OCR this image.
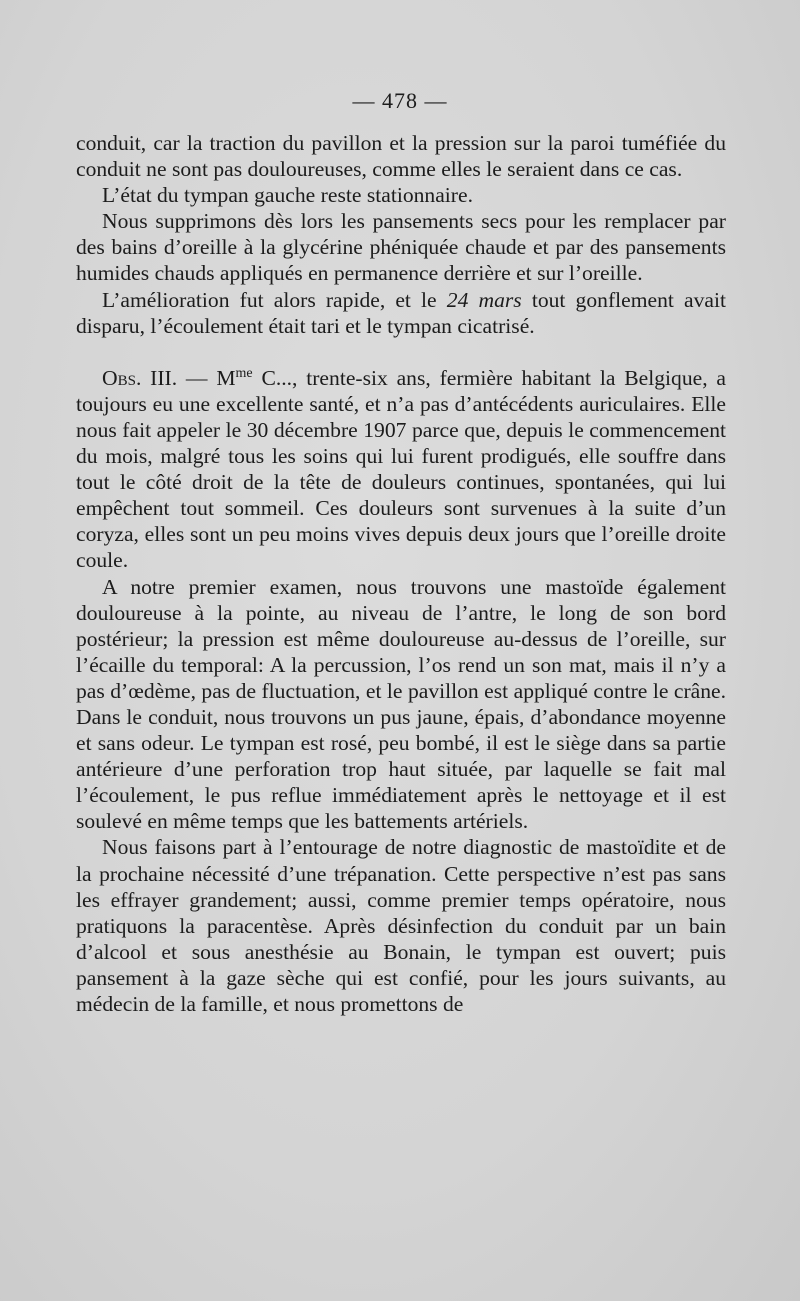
— 478 —

conduit, car la traction du pavillon et la pression sur la paroi tuméfiée du conduit ne sont pas douloureuses, comme elles le seraient dans ce cas.

L’état du tympan gauche reste stationnaire.

Nous supprimons dès lors les pansements secs pour les remplacer par des bains d’oreille à la glycérine phéniquée chaude et par des pansements humides chauds appliqués en permanence derrière et sur l’oreille.

L’amélioration fut alors rapide, et le 24 mars tout gonflement avait disparu, l’écoulement était tari et le tympan cicatrisé.

Obs. III. — $M^{me}$ C..., trente-six ans, fermière habitant la Belgique, a toujours eu une excellente santé, et n’a pas d’antécédents auriculaires. Elle nous fait appeler le 30 décembre 1907 parce que, depuis le commencement du mois, malgré tous les soins qui lui furent prodigués, elle souffre dans tout le côté droit de la tête de douleurs continues, spontanées, qui lui empêchent tout sommeil. Ces douleurs sont survenues à la suite d’un coryza, elles sont un peu moins vives depuis deux jours que l’oreille droite coule.

A notre premier examen, nous trouvons une mastoïde également douloureuse à la pointe, au niveau de l’antre, le long de son bord postérieur; la pression est même douloureuse au-dessus de l’oreille, sur l’écaille du temporal: A la percussion, l’os rend un son mat, mais il n’y a pas d’œdème, pas de fluctuation, et le pavillon est appliqué contre le crâne. Dans le conduit, nous trouvons un pus jaune, épais, d’abondance moyenne et sans odeur. Le tympan est rosé, peu bombé, il est le siège dans sa partie antérieure d’une perforation trop haut située, par laquelle se fait mal l’écoulement, le pus reflue immédiatement après le nettoyage et il est soulevé en même temps que les battements artériels.

Nous faisons part à l’entourage de notre diagnostic de mastoïdite et de la prochaine nécessité d’une trépanation. Cette perspective n’est pas sans les effrayer grandement; aussi, comme premier temps opératoire, nous pratiquons la paracentèse. Après désinfection du conduit par un bain d’alcool et sous anesthésie au Bonain, le tympan est ouvert; puis pansement à la gaze sèche qui est confié, pour les jours suivants, au médecin de la famille, et nous promettons de
